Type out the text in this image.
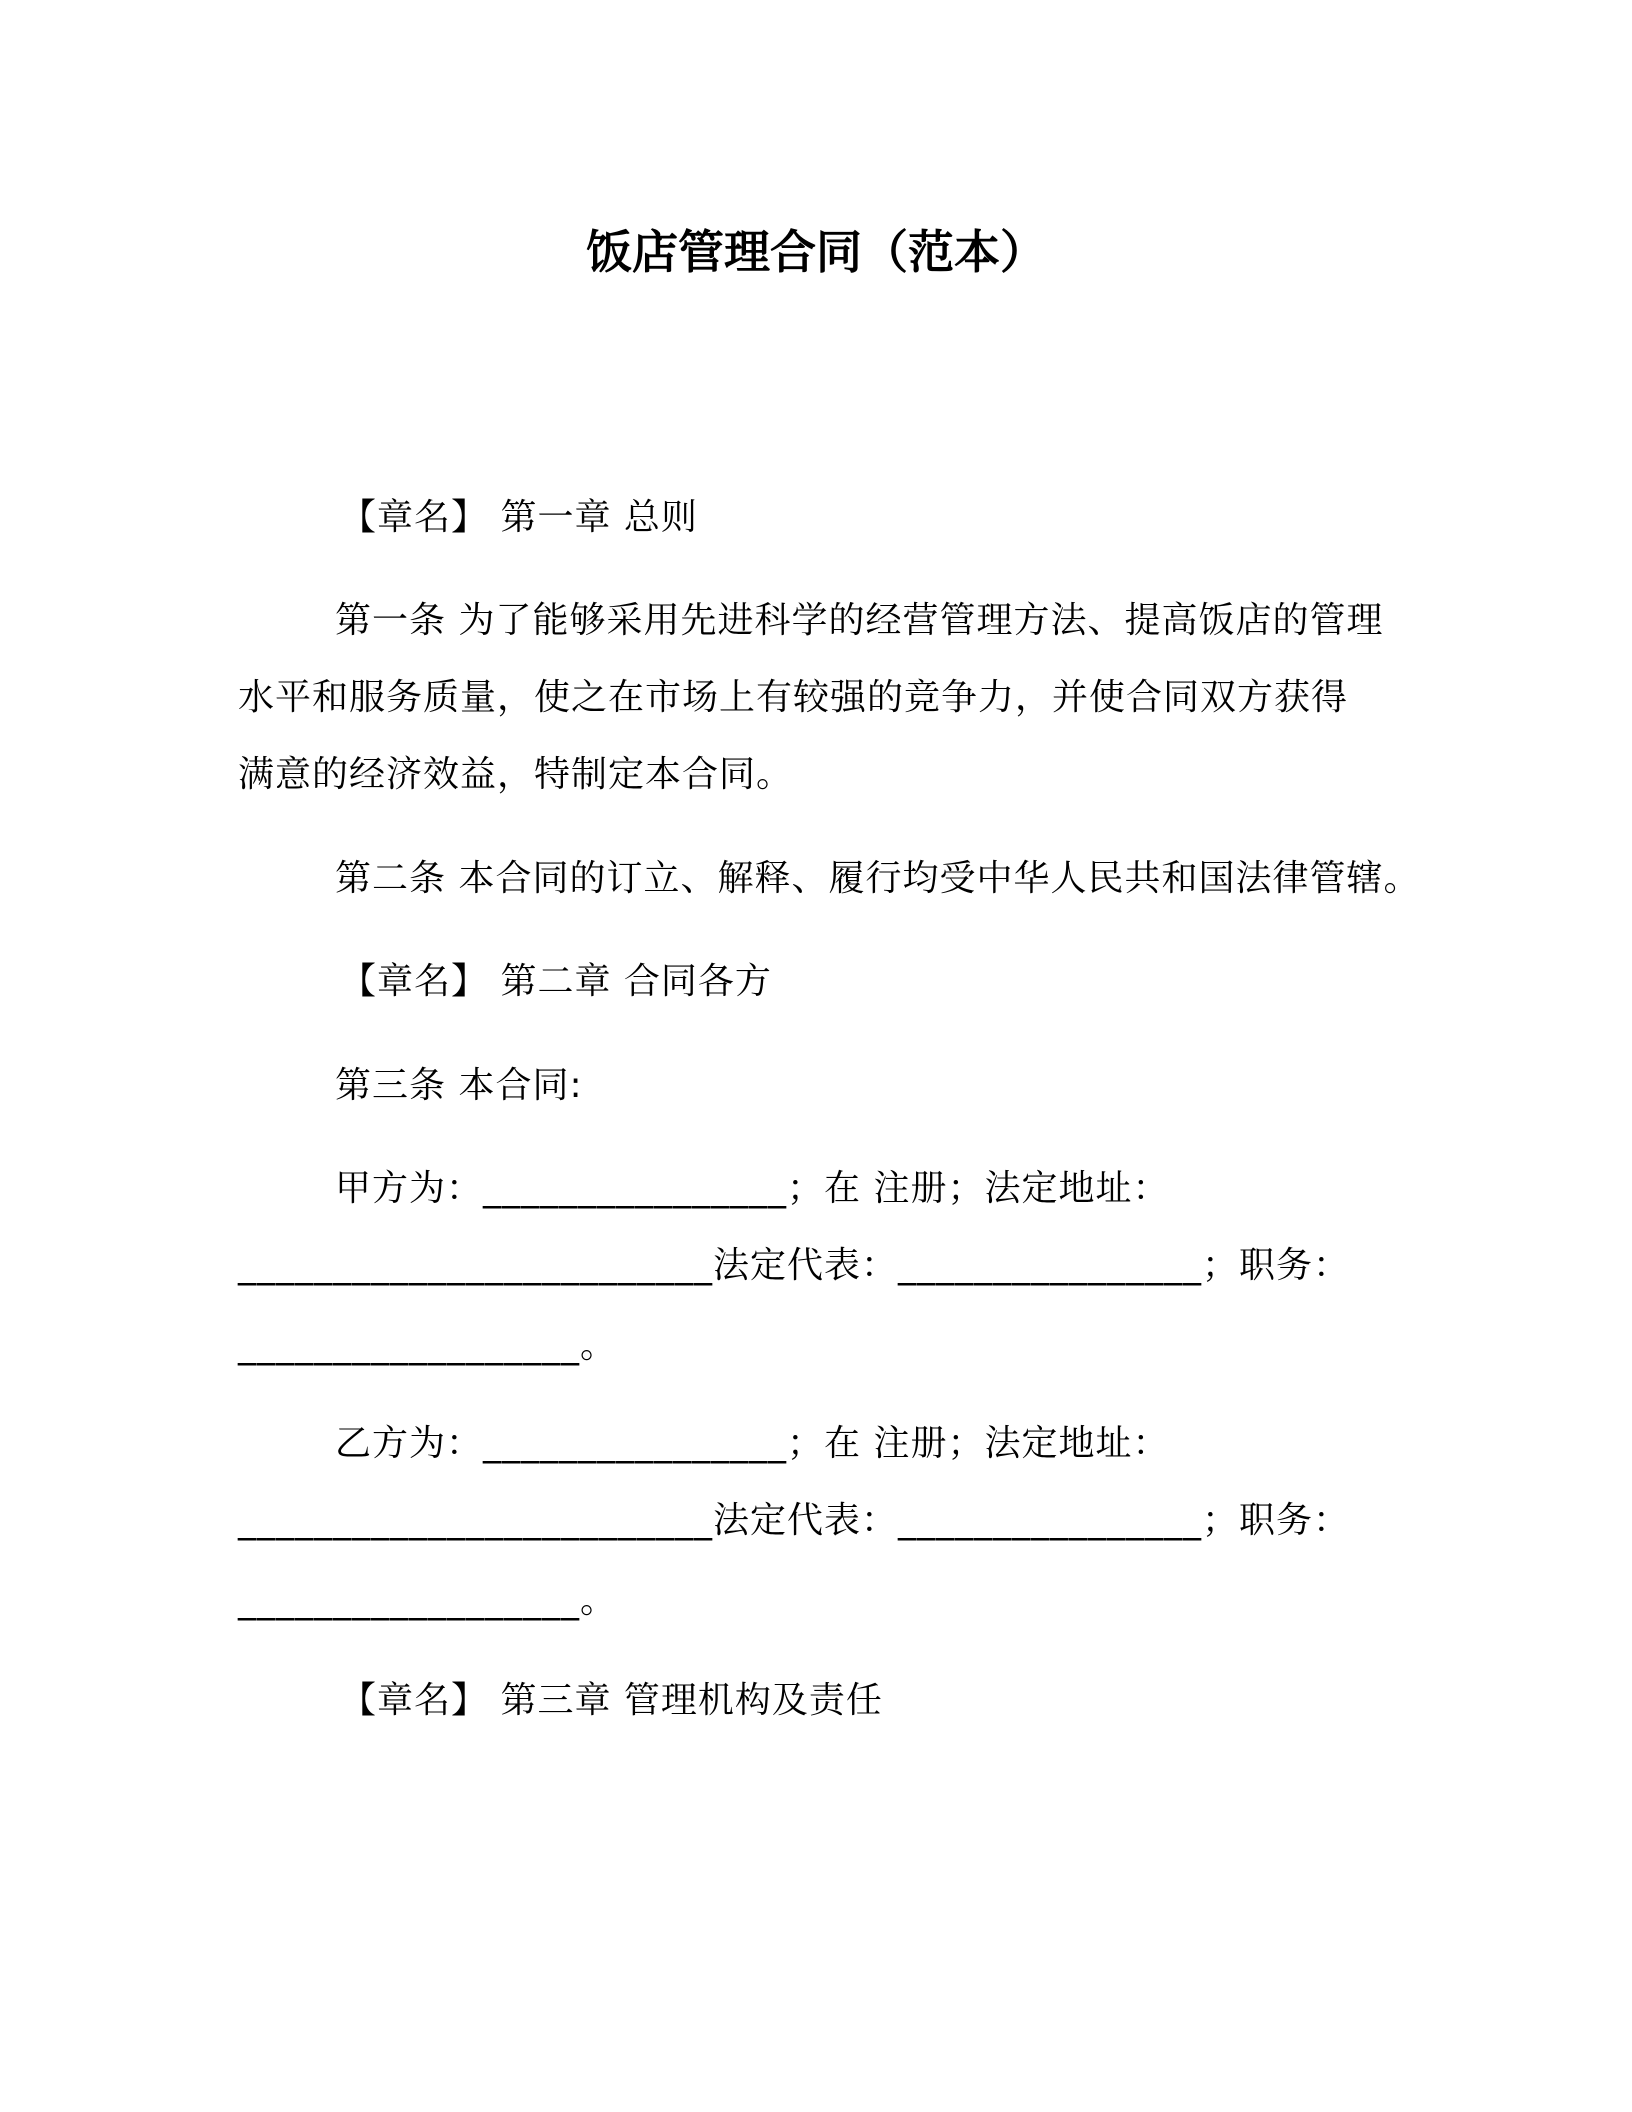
饭店管理合同（范本）
【章名】 第一章 总则
第一条 为了能够采用先进科学的经营管理方法、提高饭店的管理
水平和服务质量，使之在市场上有较强的竞争力，并使合同双方获得
满意的经济效益，特制定本合同。
第二条 本合同的订立、解释、履行均受中华人民共和国法律管辖。
【章名】 第二章 合同各方
第三条 本合同:
甲方为：________________；在 注册；法定地址：
_________________________法定代表：________________；职务：
__________________。
乙方为：________________；在 注册；法定地址：
_________________________法定代表：________________；职务：
__________________。
【章名】 第三章 管理机构及责任
